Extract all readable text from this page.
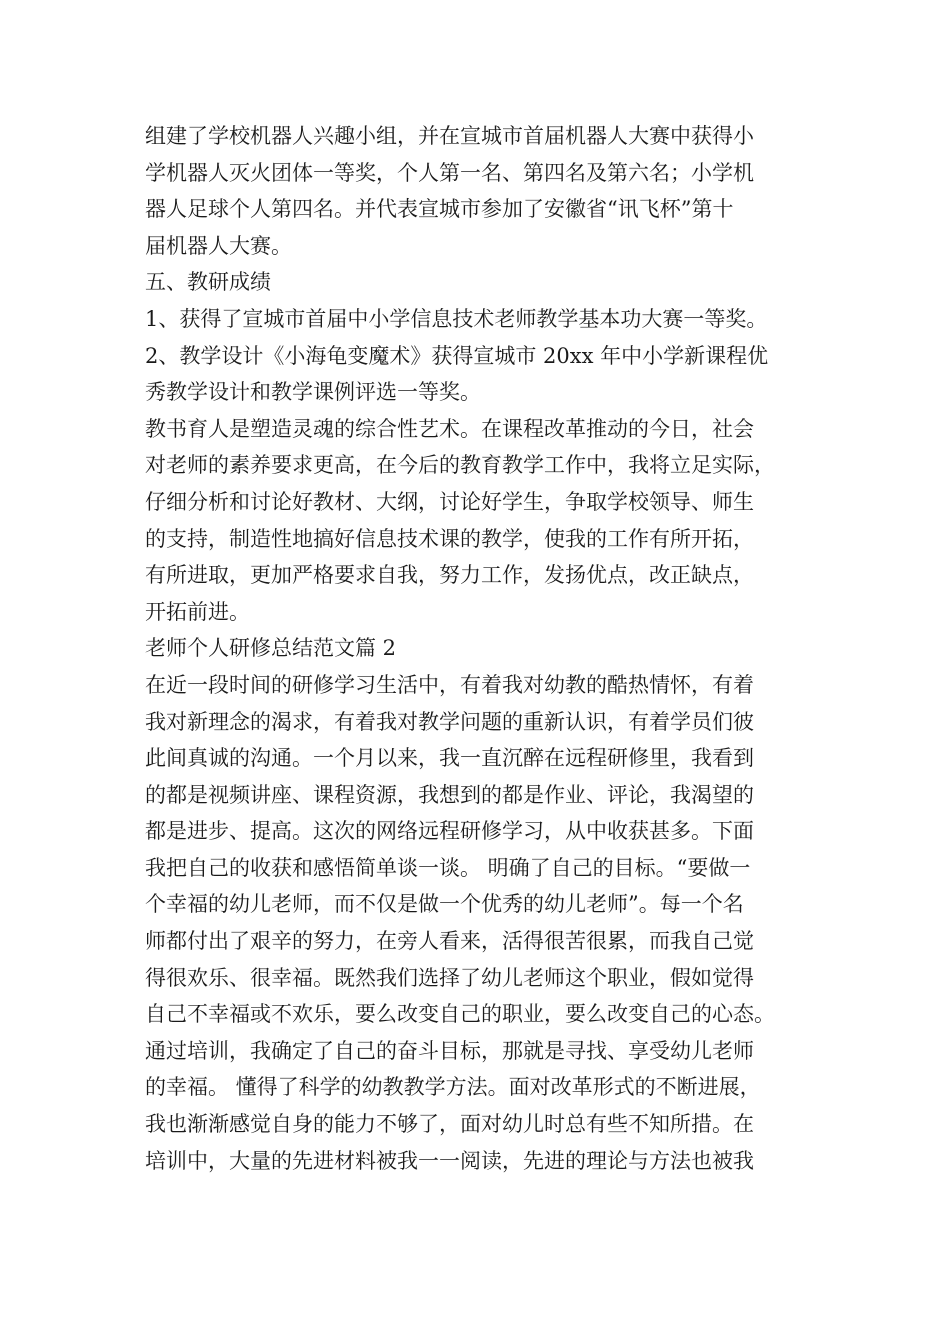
组建了学校机器人兴趣小组，并在宣城市首届机器人大赛中获得小
学机器人灭火团体一等奖，个人第一名、第四名及第六名；小学机
器人足球个人第四名。并代表宣城市参加了安徽省“讯飞杯”第十
届机器人大赛。
五、教研成绩
1、获得了宣城市首届中小学信息技术老师教学基本功大赛一等奖。
2、教学设计《小海龟变魔术》获得宣城市 20xx 年中小学新课程优
秀教学设计和教学课例评选一等奖。
教书育人是塑造灵魂的综合性艺术。在课程改革推动的今日，社会
对老师的素养要求更高，在今后的教育教学工作中，我将立足实际，
仔细分析和讨论好教材、大纲，讨论好学生，争取学校领导、师生
的支持，制造性地搞好信息技术课的教学，使我的工作有所开拓，
有所进取，更加严格要求自我，努力工作，发扬优点，改正缺点，
开拓前进。
老师个人研修总结范文篇 2
在近一段时间的研修学习生活中，有着我对幼教的酷热情怀，有着
我对新理念的渴求，有着我对教学问题的重新认识，有着学员们彼
此间真诚的沟通。一个月以来，我一直沉醉在远程研修里，我看到
的都是视频讲座、课程资源，我想到的都是作业、评论，我渴望的
都是进步、提高。这次的网络远程研修学习，从中收获甚多。下面
我把自己的收获和感悟简单谈一谈。 明确了自己的目标。“要做一
个幸福的幼儿老师，而不仅是做一个优秀的幼儿老师”。每一个名
师都付出了艰辛的努力，在旁人看来，活得很苦很累，而我自己觉
得很欢乐、很幸福。既然我们选择了幼儿老师这个职业，假如觉得
自己不幸福或不欢乐，要么改变自己的职业，要么改变自己的心态。
通过培训，我确定了自己的奋斗目标，那就是寻找、享受幼儿老师
的幸福。 懂得了科学的幼教教学方法。面对改革形式的不断进展，
我也渐渐感觉自身的能力不够了，面对幼儿时总有些不知所措。在
培训中，大量的先进材料被我一一阅读，先进的理论与方法也被我
